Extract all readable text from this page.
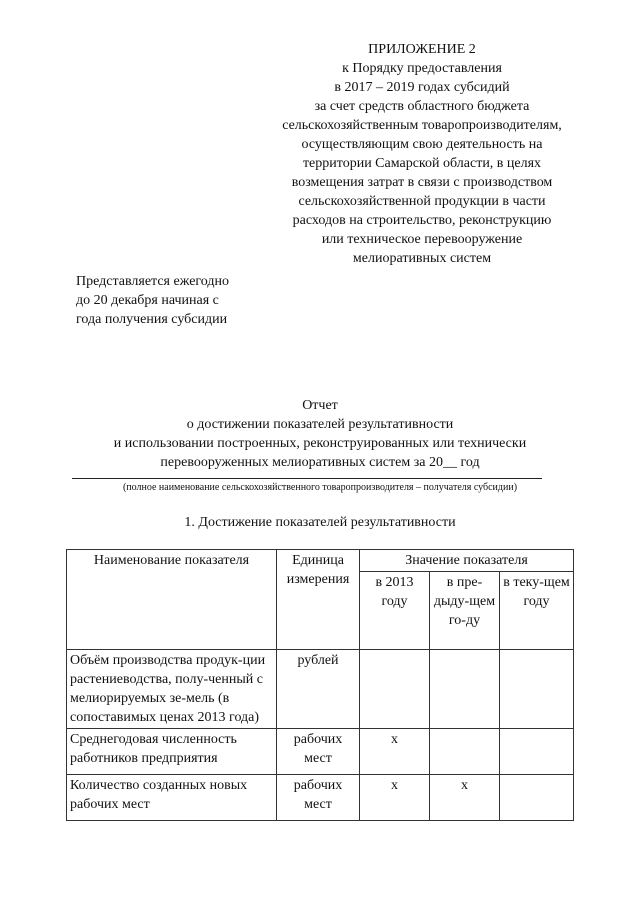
ПРИЛОЖЕНИЕ 2
к Порядку предоставления
в 2017 – 2019 годах субсидий
за счет средств областного бюджета
сельскохозяйственным товаропроизводителям,
осуществляющим свою деятельность на
территории Самарской области, в целях
возмещения затрат в связи с производством
сельскохозяйственной продукции в части
расходов на строительство, реконструкцию
или техническое перевооружение
мелиоративных систем
Представляется ежегодно
до 20 декабря начиная с
года получения субсидии
Отчет
о достижении показателей результативности
и использовании построенных, реконструированных или технически
перевооруженных мелиоративных систем за 20__ год
(полное наименование сельскохозяйственного товаропроизводителя – получателя субсидии)
1. Достижение показателей результативности
Наименование показателя	Единица измерения	Значение показателя		
		в 2013 году	в пре-дыду-щем го-ду	в теку-щем году
Объём производства продук-ции растениеводства, полу-ченный с мелиорируемых зе-мель (в сопоставимых ценах 2013 года)	рублей			
Среднегодовая численность работников предприятия	рабочих мест	х		
Количество созданных новых рабочих мест	рабочих мест	х	х	
